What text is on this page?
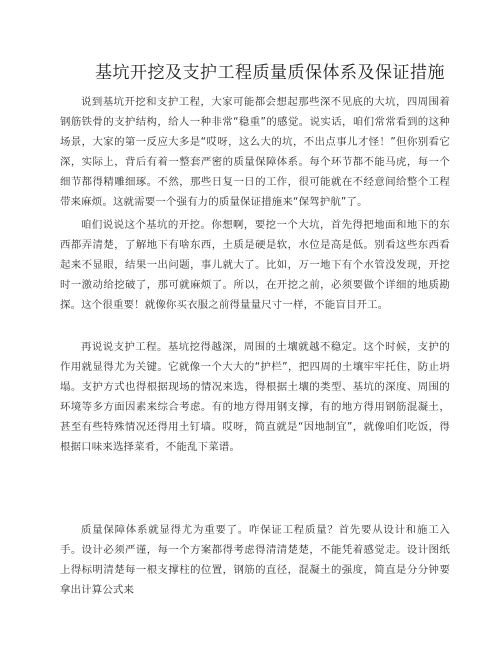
基坑开挖及支护工程质量质保体系及保证措施

说到基坑开挖和支护工程，大家可能都会想起那些深不见底的大坑，四周围着钢筋铁骨的支护结构，给人一种非常“稳重”的感觉。说实话，咱们常常看到的这种场景，大家的第一反应大多是“哎呀，这么大的坑，不出点事儿才怪！”但你别看它深，实际上，背后有着一整套严密的质量保障体系。每个环节都不能马虎，每一个细节都得精雕细琢。不然，那些日复一日的工作，很可能就在不经意间给整个工程带来麻烦。这就需要一个强有力的质量保证措施来“保驾护航”了。

咱们说说这个基坑的开挖。你想啊，要挖一个大坑，首先得把地面和地下的东西都弄清楚，了解地下有啥东西，土质是硬是软，水位是高是低。别看这些东西看起来不显眼，结果一出问题，事儿就大了。比如，万一地下有个水管没发现，开挖时一激动给挖破了，那可就麻烦了。所以，在开挖之前，必须要做个详细的地质勘探。这个很重要！就像你买衣服之前得量量尺寸一样，不能盲目开工。

再说说支护工程。基坑挖得越深，周围的土壤就越不稳定。这个时候，支护的作用就显得尤为关键。它就像一个大大的“护栏”，把四周的土壤牢牢托住，防止坍塌。支护方式也得根据现场的情况来选，得根据土壤的类型、基坑的深度、周围的环境等多方面因素来综合考虑。有的地方得用钢支撑，有的地方得用钢筋混凝土，甚至有些特殊情况还得用土钉墙。哎呀，简直就是“因地制宜”，就像咱们吃饭，得根据口味来选择菜肴，不能乱下菜谱。

质量保障体系就显得尤为重要了。咋保证工程质量？首先要从设计和施工入手。设计必须严谨，每一个方案都得考虑得清清楚楚，不能凭着感觉走。设计图纸上得标明清楚每一根支撑柱的位置，钢筋的直径，混凝土的强度，简直是分分钟要拿出计算公式来
